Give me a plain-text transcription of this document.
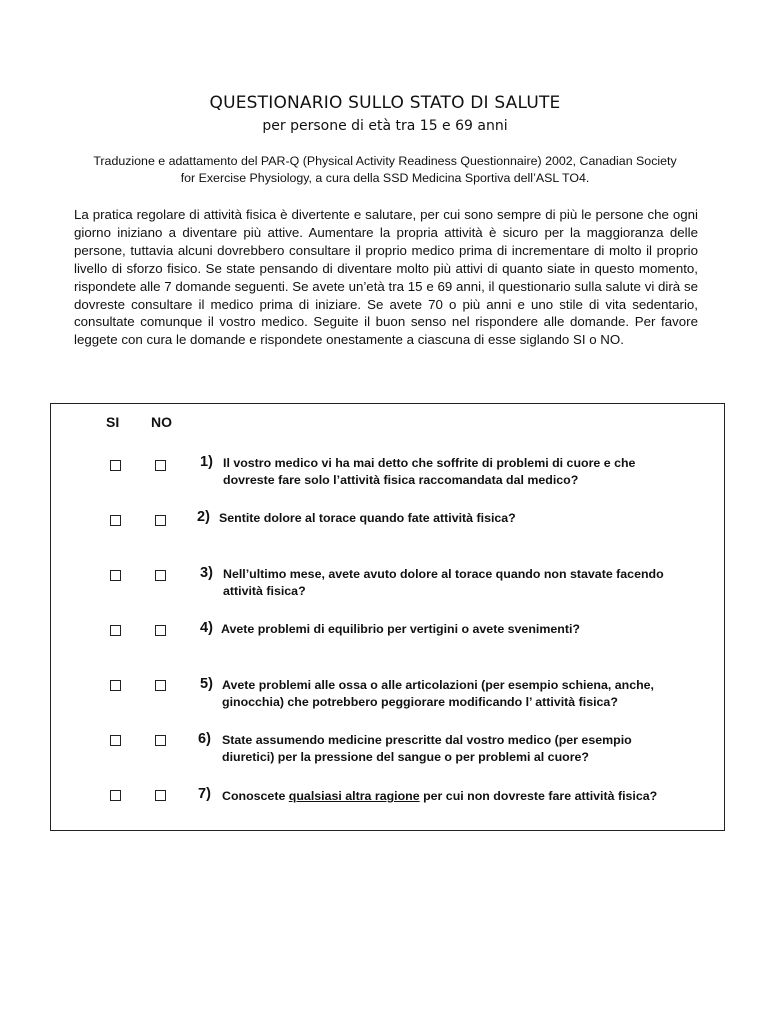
QUESTIONARIO SULLO STATO DI SALUTE
per persone di età tra 15 e 69 anni
Traduzione e adattamento del PAR-Q (Physical Activity Readiness Questionnaire) 2002, Canadian Society
for Exercise Physiology, a cura della SSD Medicina Sportiva dell’ASL TO4.

La pratica regolare di attività fisica è divertente e salutare, per cui sono sempre di più le persone che ogni giorno iniziano a diventare più attive. Aumentare la propria attività è sicuro per la maggioranza delle persone, tuttavia alcuni dovrebbero consultare il proprio medico prima di incrementare di molto il proprio livello di sforzo fisico. Se state pensando di diventare molto più attivi di quanto siate in questo momento, rispondete alle 7 domande seguenti. Se avete un’età tra 15 e 69 anni, il questionario sulla salute vi dirà se dovreste consultare il medico prima di iniziare. Se avete 70 o più anni e uno stile di vita sedentario, consultate comunque il vostro medico. Seguite il buon senso nel rispondere alle domande. Per favore leggete con cura le domande e rispondete onestamente a ciascuna di esse siglando SI o NO.

SI NO
1) Il vostro medico vi ha mai detto che soffrite di problemi di cuore e che
dovreste fare solo l’attività fisica raccomandata dal medico?
2) Sentite dolore al torace quando fate attività fisica?
3) Nell’ultimo mese, avete avuto dolore al torace quando non stavate facendo
attività fisica?
4) Avete problemi di equilibrio per vertigini o avete svenimenti?
5) Avete problemi alle ossa o alle articolazioni (per esempio schiena, anche,
ginocchia) che potrebbero peggiorare modificando l’ attività fisica?
6) State assumendo medicine prescritte dal vostro medico (per esempio
diuretici) per la pressione del sangue o per problemi al cuore?
7) Conoscete qualsiasi altra ragione per cui non dovreste fare attività fisica?
